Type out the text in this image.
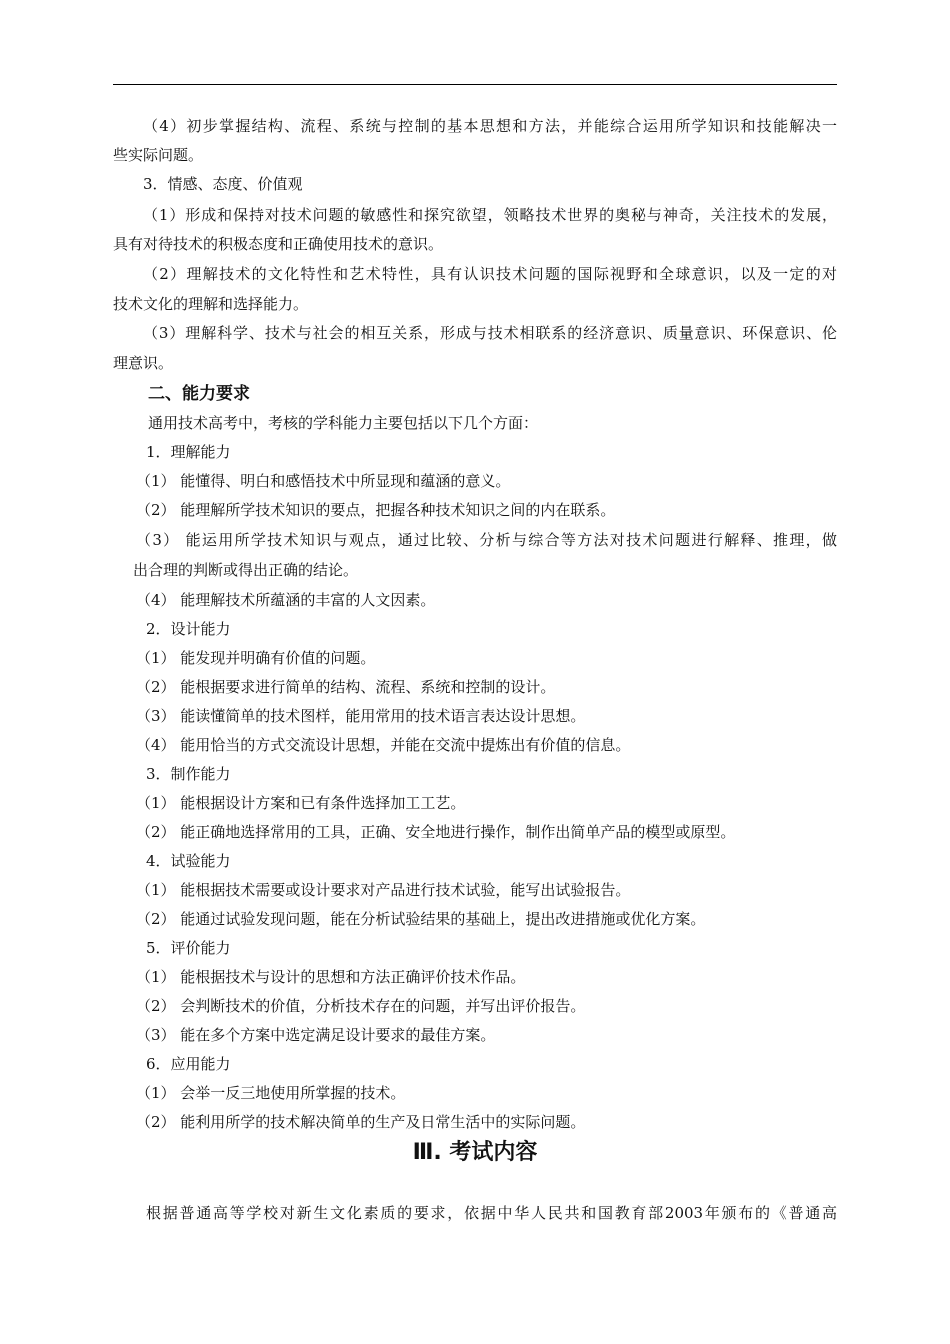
（4）初步掌握结构、流程、系统与控制的基本思想和方法，并能综合运用所学知识和技能解决一
些实际问题。
3．情感、态度、价值观
（1）形成和保持对技术问题的敏感性和探究欲望，领略技术世界的奥秘与神奇，关注技术的发展，
具有对待技术的积极态度和正确使用技术的意识。
（2）理解技术的文化特性和艺术特性，具有认识技术问题的国际视野和全球意识，以及一定的对
技术文化的理解和选择能力。
（3）理解科学、技术与社会的相互关系，形成与技术相联系的经济意识、质量意识、环保意识、伦
理意识。
二、能力要求
通用技术高考中，考核的学科能力主要包括以下几个方面：
1．理解能力
（1） 能懂得、明白和感悟技术中所显现和蕴涵的意义。
（2） 能理解所学技术知识的要点，把握各种技术知识之间的内在联系。
（3） 能运用所学技术知识与观点，通过比较、分析与综合等方法对技术问题进行解释、推理，做
出合理的判断或得出正确的结论。
（4） 能理解技术所蕴涵的丰富的人文因素。
2．设计能力
（1） 能发现并明确有价值的问题。
（2） 能根据要求进行简单的结构、流程、系统和控制的设计。
（3） 能读懂简单的技术图样，能用常用的技术语言表达设计思想。
（4） 能用恰当的方式交流设计思想，并能在交流中提炼出有价值的信息。
3．制作能力
（1） 能根据设计方案和已有条件选择加工工艺。
（2） 能正确地选择常用的工具，正确、安全地进行操作，制作出简单产品的模型或原型。
4．试验能力
（1） 能根据技术需要或设计要求对产品进行技术试验，能写出试验报告。
（2） 能通过试验发现问题，能在分析试验结果的基础上，提出改进措施或优化方案。
5．评价能力
（1） 能根据技术与设计的思想和方法正确评价技术作品。
（2） 会判断技术的价值，分析技术存在的问题，并写出评价报告。
（3） 能在多个方案中选定满足设计要求的最佳方案。
6．应用能力
（1） 会举一反三地使用所掌握的技术。
（2） 能利用所学的技术解决简单的生产及日常生活中的实际问题。
Ⅲ. 考试内容
根据普通高等学校对新生文化素质的要求，依据中华人民共和国教育部2003年颁布的《普通高
